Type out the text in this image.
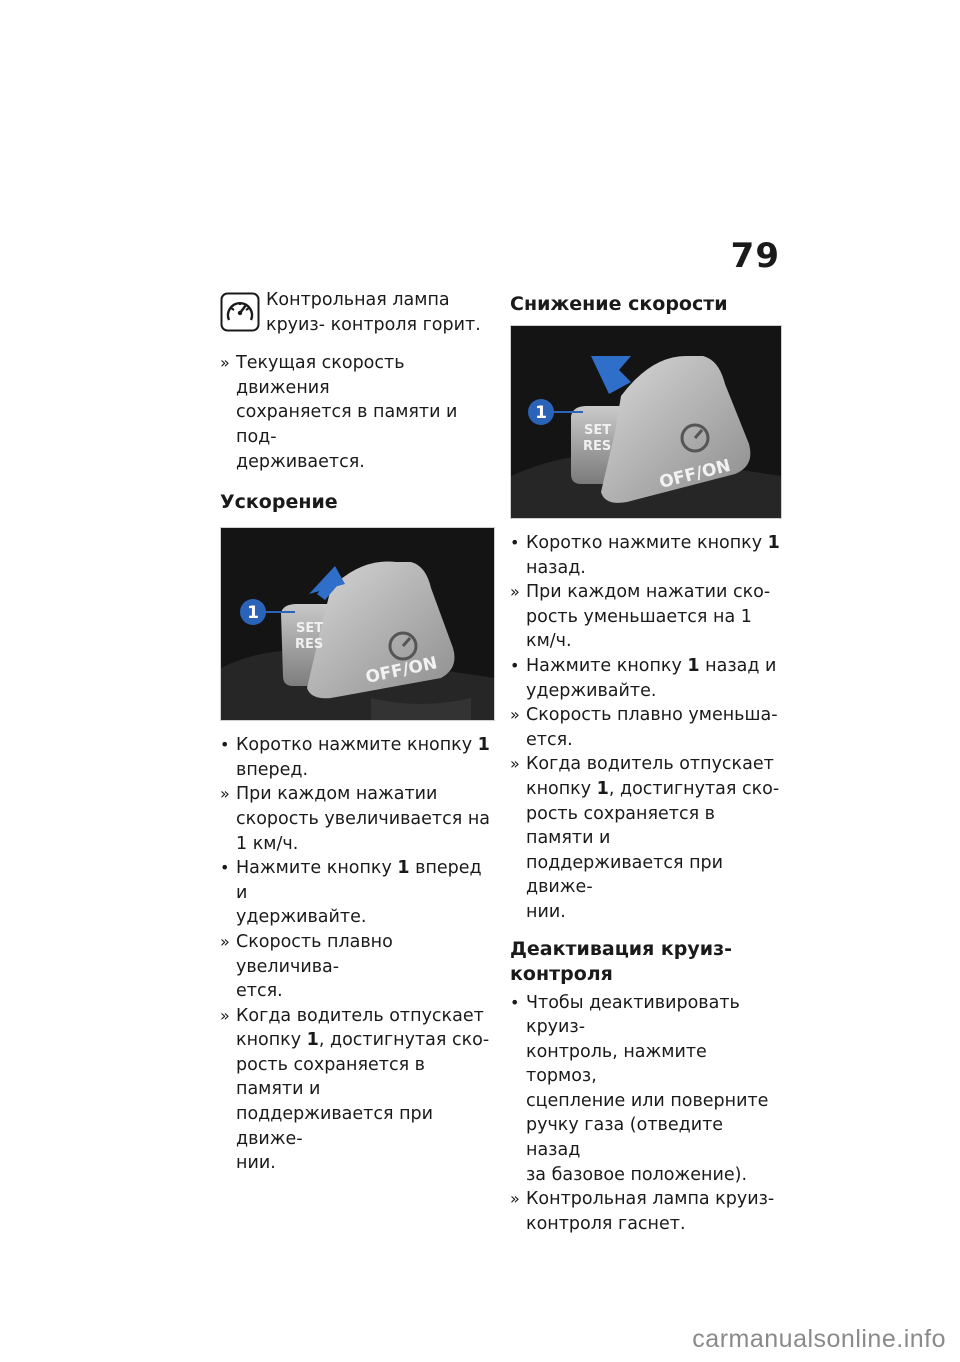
79
Контрольная лампа круиз- контроля горит.
» Текущая скорость движения
сохраняется в памяти и под-
держивается.

Ускорение

OFF/ON
SET
RES
1
• Коротко нажмите кнопку 1
вперед.
» При каждом нажатии
скорость увеличивается на
1 км/ч.
• Нажмите кнопку 1 вперед и
удерживайте.
» Скорость плавно увеличива-
ется.
» Когда водитель отпускает
кнопку 1, достигнутая ско-
рость сохраняется в памяти и
поддерживается при движе-
нии.

Снижение скорости

OFF/ON
SET
RES
1
• Коротко нажмите кнопку 1
назад.
» При каждом нажатии ско-
рость уменьшается на 1 км/ч.
• Нажмите кнопку 1 назад и
удерживайте.
» Скорость плавно уменьша-
ется.
» Когда водитель отпускает
кнопку 1, достигнутая ско-
рость сохраняется в памяти и
поддерживается при движе-
нии.
Деактивация круиз-
контроля
• Чтобы деактивировать круиз-
контроль, нажмите тормоз,
сцепление или поверните
ручку газа (отведите назад
за базовое положение).
» Контрольная лампа круиз-
контроля гаснет.
carmanualsonline.info
